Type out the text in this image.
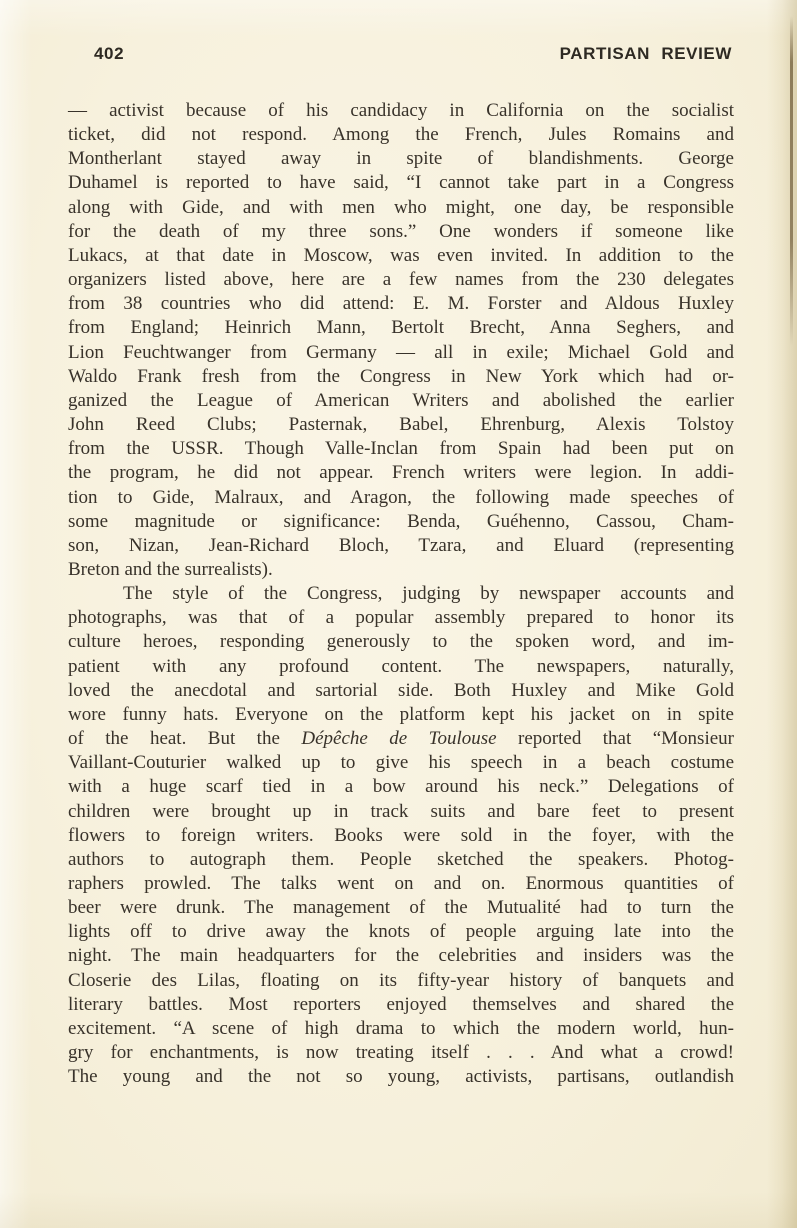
402	PARTISAN REVIEW
— activist because of his candidacy in California on the socialist
ticket, did not respond. Among the French, Jules Romains and
Montherlant stayed away in spite of blandishments. George
Duhamel is reported to have said, “I cannot take part in a Congress
along with Gide, and with men who might, one day, be responsible
for the death of my three sons.” One wonders if someone like
Lukacs, at that date in Moscow, was even invited. In addition to the
organizers listed above, here are a few names from the 230 delegates
from 38 countries who did attend: E. M. Forster and Aldous Huxley
from England; Heinrich Mann, Bertolt Brecht, Anna Seghers, and
Lion Feuchtwanger from Germany — all in exile; Michael Gold and
Waldo Frank fresh from the Congress in New York which had or-
ganized the League of American Writers and abolished the earlier
John Reed Clubs; Pasternak, Babel, Ehrenburg, Alexis Tolstoy
from the USSR. Though Valle-Inclan from Spain had been put on
the program, he did not appear. French writers were legion. In addi-
tion to Gide, Malraux, and Aragon, the following made speeches of
some magnitude or significance: Benda, Guéhenno, Cassou, Cham-
son, Nizan, Jean-Richard Bloch, Tzara, and Eluard (representing
Breton and the surrealists).
The style of the Congress, judging by newspaper accounts and
photographs, was that of a popular assembly prepared to honor its
culture heroes, responding generously to the spoken word, and im-
patient with any profound content. The newspapers, naturally,
loved the anecdotal and sartorial side. Both Huxley and Mike Gold
wore funny hats. Everyone on the platform kept his jacket on in spite
of the heat. But the Dépêche de Toulouse reported that “Monsieur
Vaillant-Couturier walked up to give his speech in a beach costume
with a huge scarf tied in a bow around his neck.” Delegations of
children were brought up in track suits and bare feet to present
flowers to foreign writers. Books were sold in the foyer, with the
authors to autograph them. People sketched the speakers. Photog-
raphers prowled. The talks went on and on. Enormous quantities of
beer were drunk. The management of the Mutualité had to turn the
lights off to drive away the knots of people arguing late into the
night. The main headquarters for the celebrities and insiders was the
Closerie des Lilas, floating on its fifty-year history of banquets and
literary battles. Most reporters enjoyed themselves and shared the
excitement. “A scene of high drama to which the modern world, hun-
gry for enchantments, is now treating itself . . . And what a crowd!
The young and the not so young, activists, partisans, outlandish
